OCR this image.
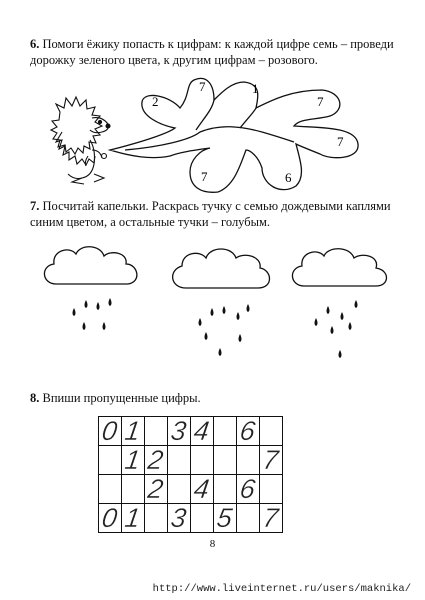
6. Помоги ёжику попасть к цифрам: к каждой цифре семь – проведи дорожку зеленого цвета, к другим цифрам – розового.
2
7	1
7
7
6
7
7. Посчитай капельки. Раскрась тучку с семью дождевыми каплями синим цветом, а остальные тучки – голубым.
8. Впиши пропущенные цифры.
0	1		3	4		6	
	1	2					7
		2		4		6	
0	1		3		5		7
8
http://www.liveinternet.ru/users/maknika/
